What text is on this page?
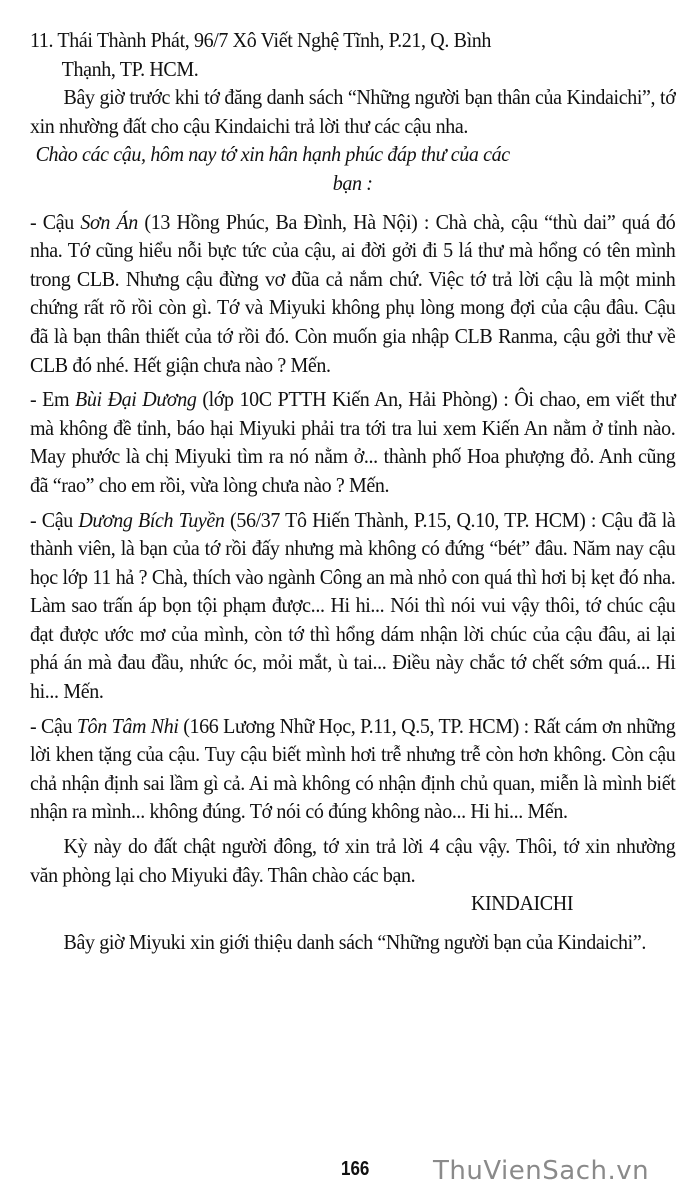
11. Thái Thành Phát, 96/7 Xô Viết Nghệ Tĩnh, P.21, Q. Bình

Thạnh, TP. HCM.

Bây giờ trước khi tớ đăng danh sách “Những người bạn thân của Kindaichi”, tớ xin nhường đất cho cậu Kindaichi trả lời thư các cậu nha.

Chào các cậu, hôm nay tớ xin hân hạnh phúc đáp thư của các

bạn :

- Cậu Sơn Án (13 Hồng Phúc, Ba Đình, Hà Nội) : Chà chà, cậu “thù dai” quá đó nha. Tớ cũng hiểu nỗi bực tức của cậu, ai đời gởi đi 5 lá thư mà hổng có tên mình trong CLB. Nhưng cậu đừng vơ đũa cả nắm chứ. Việc tớ trả lời cậu là một minh chứng rất rõ rồi còn gì. Tớ và Miyuki không phụ lòng mong đợi của cậu đâu. Cậu đã là bạn thân thiết của tớ rồi đó. Còn muốn gia nhập CLB Ranma, cậu gởi thư về CLB đó nhé. Hết giận chưa nào ? Mến.

- Em Bùi Đại Dương (lớp 10C PTTH Kiến An, Hải Phòng) : Ôi chao, em viết thư mà không đề tỉnh, báo hại Miyuki phải tra tới tra lui xem Kiến An nằm ở tỉnh nào. May phước là chị Miyuki tìm ra nó nằm ở... thành phố Hoa phượng đỏ. Anh cũng đã “rao” cho em rồi, vừa lòng chưa nào ? Mến.

- Cậu Dương Bích Tuyền (56/37 Tô Hiến Thành, P.15, Q.10, TP. HCM) : Cậu đã là thành viên, là bạn của tớ rồi đấy nhưng mà không có đứng “bét” đâu. Năm nay cậu học lớp 11 hả ? Chà, thích vào ngành Công an mà nhỏ con quá thì hơi bị kẹt đó nha. Làm sao trấn áp bọn tội phạm được... Hi hi... Nói thì nói vui vậy thôi, tớ chúc cậu đạt được ước mơ của mình, còn tớ thì hổng dám nhận lời chúc của cậu đâu, ai lại phá án mà đau đầu, nhức óc, mỏi mắt, ù tai... Điều này chắc tớ chết sớm quá... Hi hi... Mến.

- Cậu Tôn Tâm Nhi (166 Lương Nhữ Học, P.11, Q.5, TP. HCM) : Rất cám ơn những lời khen tặng của cậu. Tuy cậu biết mình hơi trễ nhưng trễ còn hơn không. Còn cậu chả nhận định sai lầm gì cả. Ai mà không có nhận định chủ quan, miễn là mình biết nhận ra mình... không đúng. Tớ nói có đúng không nào... Hi hi... Mến.

Kỳ này do đất chật người đông, tớ xin trả lời 4 cậu vậy. Thôi, tớ xin nhường văn phòng lại cho Miyuki đây. Thân chào các bạn.

KINDAICHI

Bây giờ Miyuki xin giới thiệu danh sách “Những người bạn của Kindaichi”.

166 ThuVienSach.vn
